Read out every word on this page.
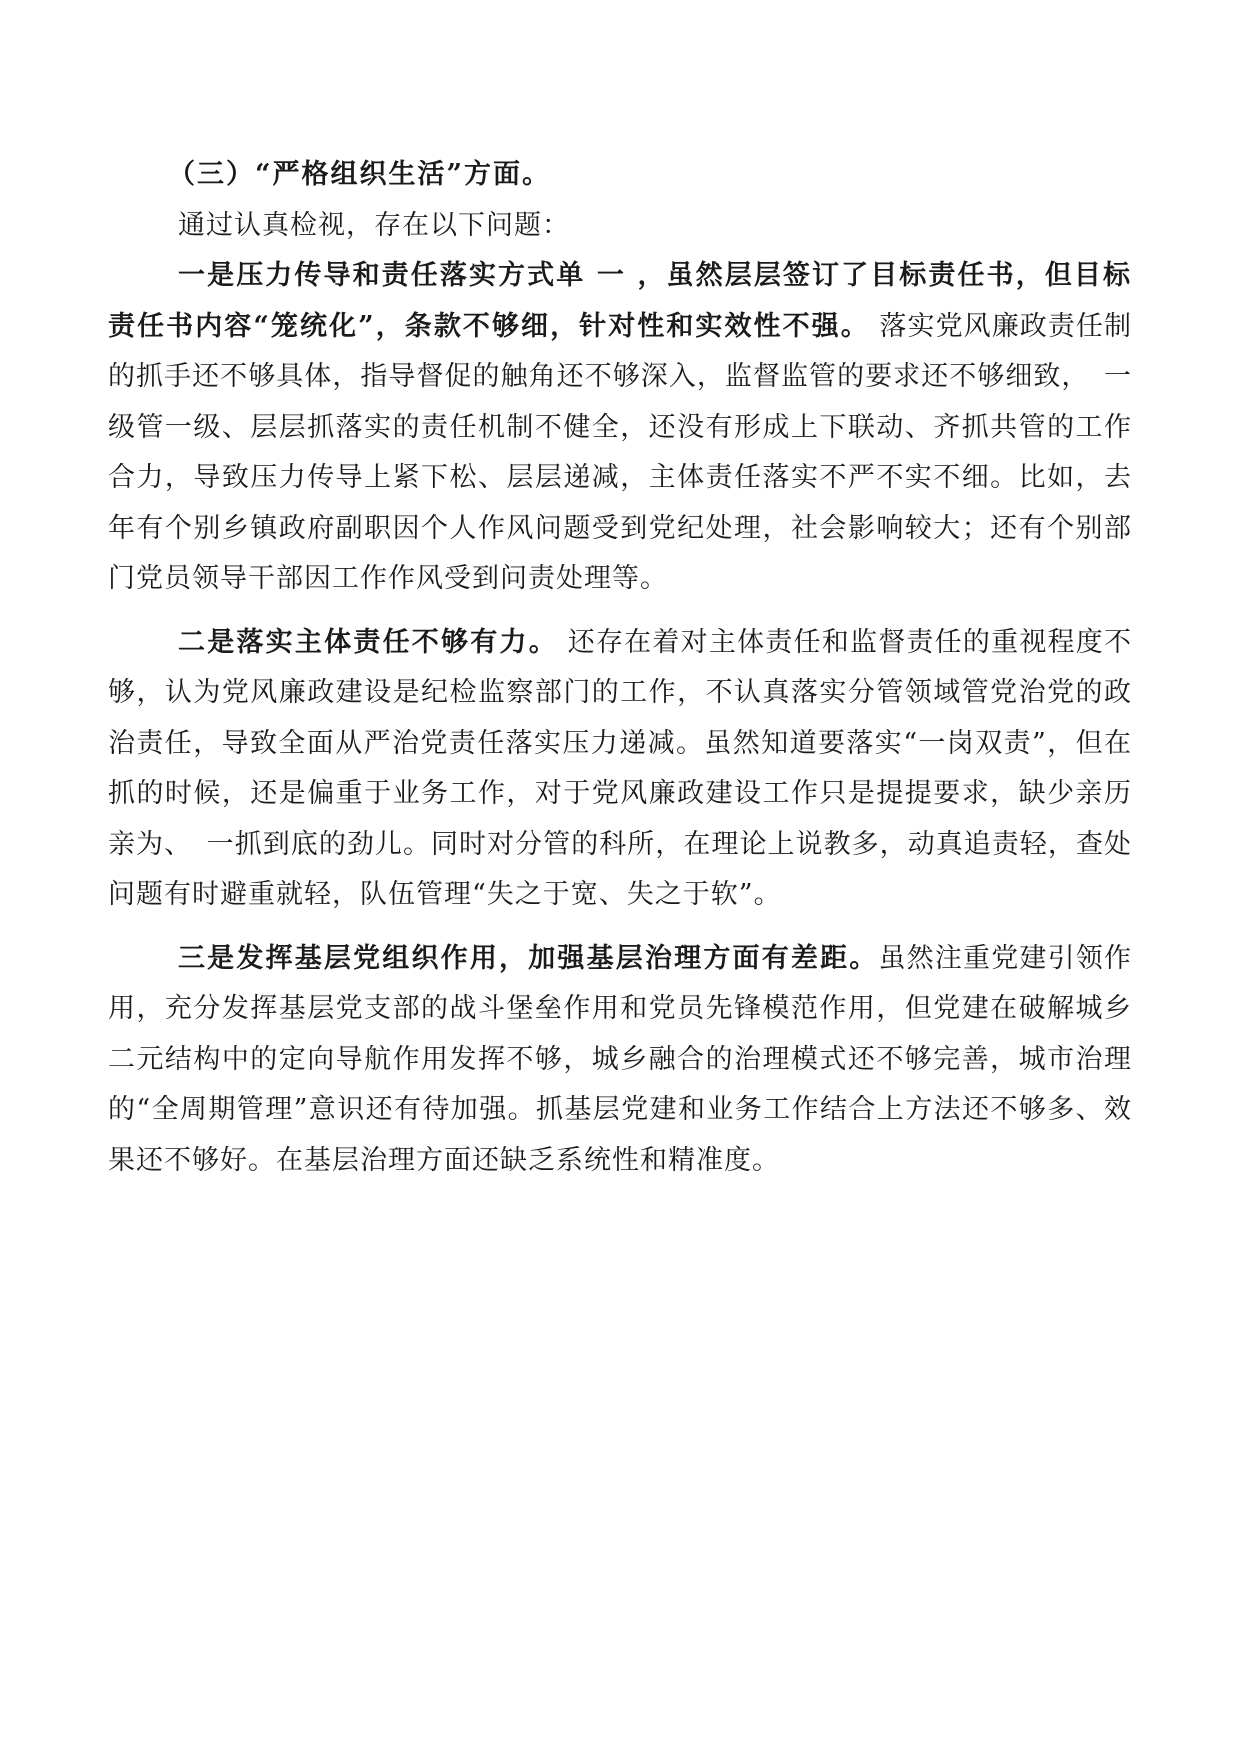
（三）“严格组织生活”方面。

通过认真检视，存在以下问题：

一是压力传导和责任落实方式单 一 ，虽然层层签订了目标责任书，但目标责任书内容“笼统化”，条款不够细，针对性和实效性不强。 落实党风廉政责任制的抓手还不够具体，指导督促的触角还不够深入，监督监管的要求还不够细致，　一级管一级、层层抓落实的责任机制不健全，还没有形成上下联动、齐抓共管的工作合力，导致压力传导上紧下松、层层递减，主体责任落实不严不实不细。比如，去年有个别乡镇政府副职因个人作风问题受到党纪处理，社会影响较大；还有个别部门党员领导干部因工作作风受到问责处理等。

二是落实主体责任不够有力。 还存在着对主体责任和监督责任的重视程度不够，认为党风廉政建设是纪检监察部门的工作，不认真落实分管领域管党治党的政治责任，导致全面从严治党责任落实压力递减。虽然知道要落实“一岗双责”，但在抓的时候，还是偏重于业务工作，对于党风廉政建设工作只是提提要求，缺少亲历亲为、　一抓到底的劲儿。同时对分管的科所，在理论上说教多，动真追责轻，查处问题有时避重就轻，队伍管理“失之于宽、失之于软”。

三是发挥基层党组织作用，加强基层治理方面有差距。虽然注重党建引领作用，充分发挥基层党支部的战斗堡垒作用和党员先锋模范作用，但党建在破解城乡二元结构中的定向导航作用发挥不够，城乡融合的治理模式还不够完善，城市治理的“全周期管理”意识还有待加强。抓基层党建和业务工作结合上方法还不够多、效果还不够好。在基层治理方面还缺乏系统性和精准度。
